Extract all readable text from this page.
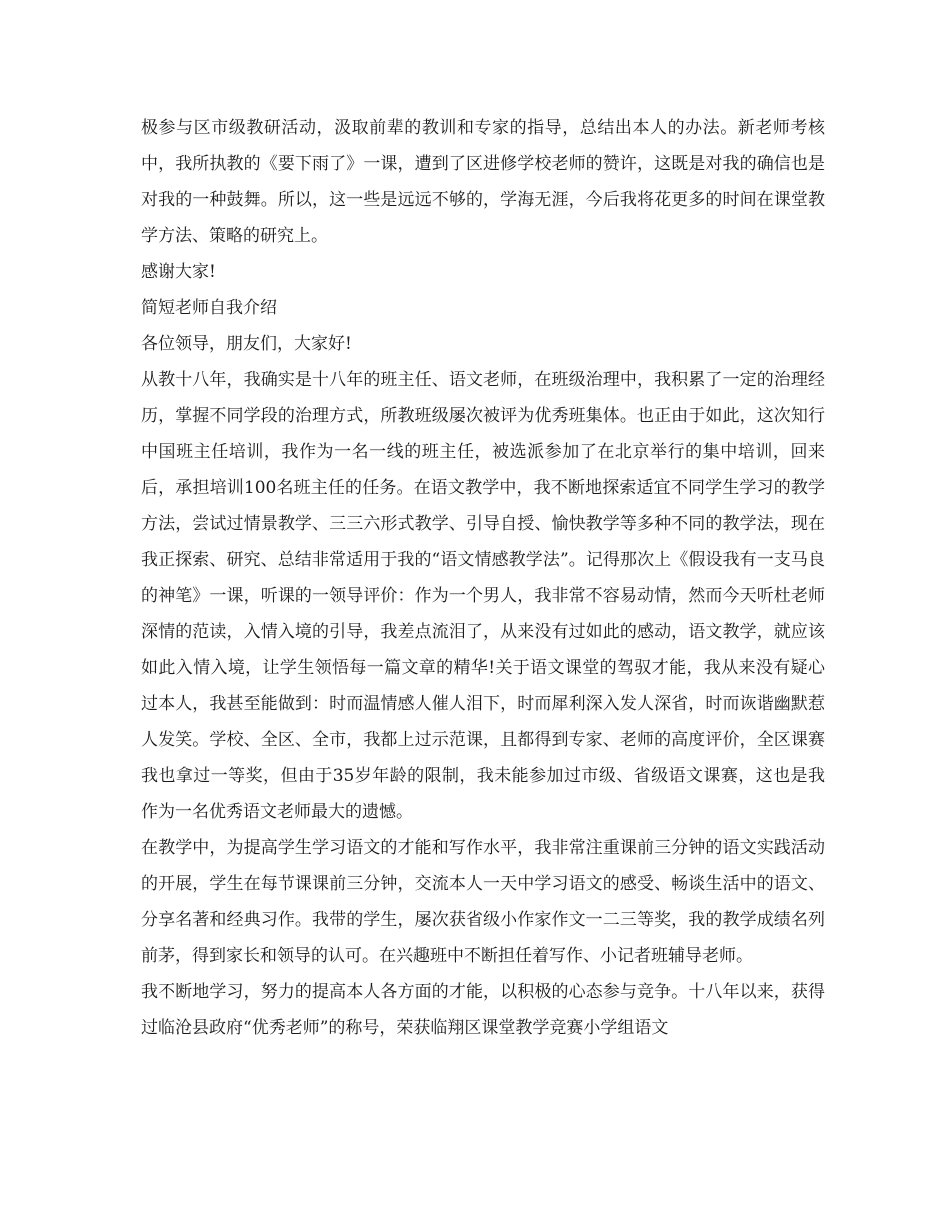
极参与区市级教研活动，汲取前辈的教训和专家的指导，总结出本人的办法。新老师考核中，我所执教的《要下雨了》一课，遭到了区进修学校老师的赞许，这既是对我的确信也是对我的一种鼓舞。所以，这一些是远远不够的，学海无涯，今后我将花更多的时间在课堂教学方法、策略的研究上。

感谢大家!

简短老师自我介绍

各位领导，朋友们，大家好!

从教十八年，我确实是十八年的班主任、语文老师，在班级治理中，我积累了一定的治理经历，掌握不同学段的治理方式，所教班级屡次被评为优秀班集体。也正由于如此，这次知行中国班主任培训，我作为一名一线的班主任，被选派参加了在北京举行的集中培训，回来后，承担培训100名班主任的任务。在语文教学中，我不断地探索适宜不同学生学习的教学方法，尝试过情景教学、三三六形式教学、引导自授、愉快教学等多种不同的教学法，现在我正探索、研究、总结非常适用于我的“语文情感教学法”。记得那次上《假设我有一支马良的神笔》一课，听课的一领导评价：作为一个男人，我非常不容易动情，然而今天听杜老师深情的范读，入情入境的引导，我差点流泪了，从来没有过如此的感动，语文教学，就应该如此入情入境，让学生领悟每一篇文章的精华!关于语文课堂的驾驭才能，我从来没有疑心过本人，我甚至能做到：时而温情感人催人泪下，时而犀利深入发人深省，时而诙谐幽默惹人发笑。学校、全区、全市，我都上过示范课，且都得到专家、老师的高度评价，全区课赛我也拿过一等奖，但由于35岁年龄的限制，我未能参加过市级、省级语文课赛，这也是我作为一名优秀语文老师最大的遗憾。

在教学中，为提高学生学习语文的才能和写作水平，我非常注重课前三分钟的语文实践活动的开展，学生在每节课课前三分钟，交流本人一天中学习语文的感受、畅谈生活中的语文、分享名著和经典习作。我带的学生，屡次获省级小作家作文一二三等奖，我的教学成绩名列前茅，得到家长和领导的认可。在兴趣班中不断担任着写作、小记者班辅导老师。

我不断地学习，努力的提高本人各方面的才能，以积极的心态参与竞争。十八年以来，获得过临沧县政府“优秀老师”的称号，荣获临翔区课堂教学竞赛小学组语文
